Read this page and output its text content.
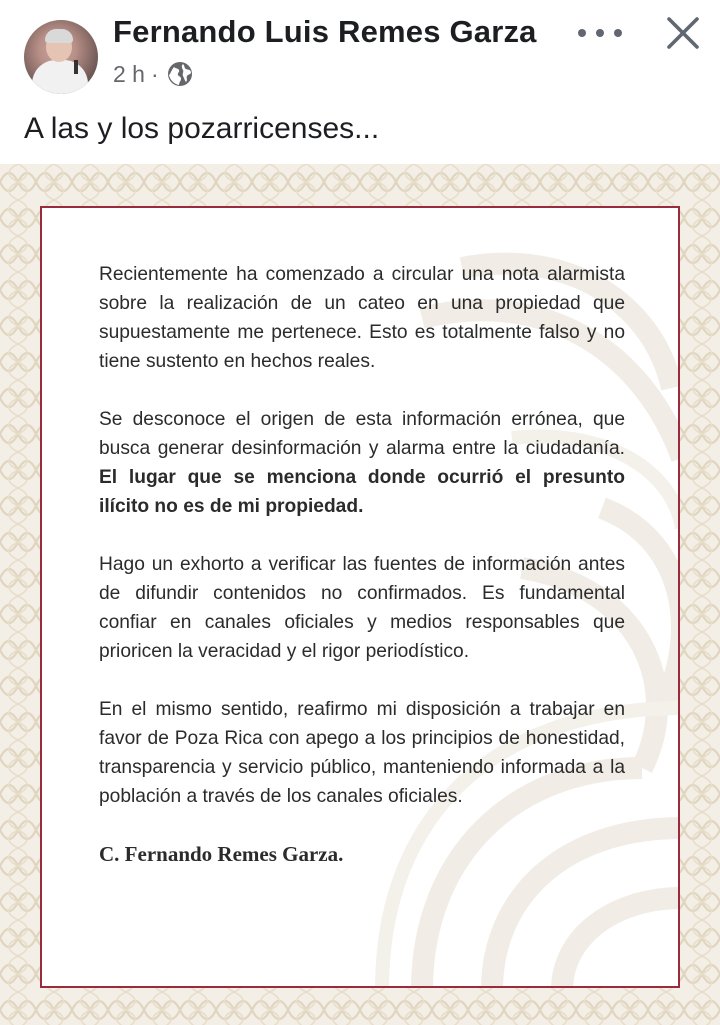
Fernando Luis Remes Garza
2 h ·
A las y los pozarricenses...

Recientemente ha comenzado a circular una nota alarmista sobre la realización de un cateo en una propiedad que supuestamente me pertenece. Esto es totalmente falso y no tiene sustento en hechos reales.

Se desconoce el origen de esta información errónea, que busca generar desinformación y alarma entre la ciudadanía. El lugar que se menciona donde ocurrió el presunto ilícito no es de mi propiedad.

Hago un exhorto a verificar las fuentes de información antes de difundir contenidos no confirmados. Es fundamental confiar en canales oficiales y medios responsables que prioricen la veracidad y el rigor periodístico.

En el mismo sentido, reafirmo mi disposición a trabajar en favor de Poza Rica con apego a los principios de honestidad, transparencia y servicio público, manteniendo informada a la población a través de los canales oficiales.

C. Fernando Remes Garza.
